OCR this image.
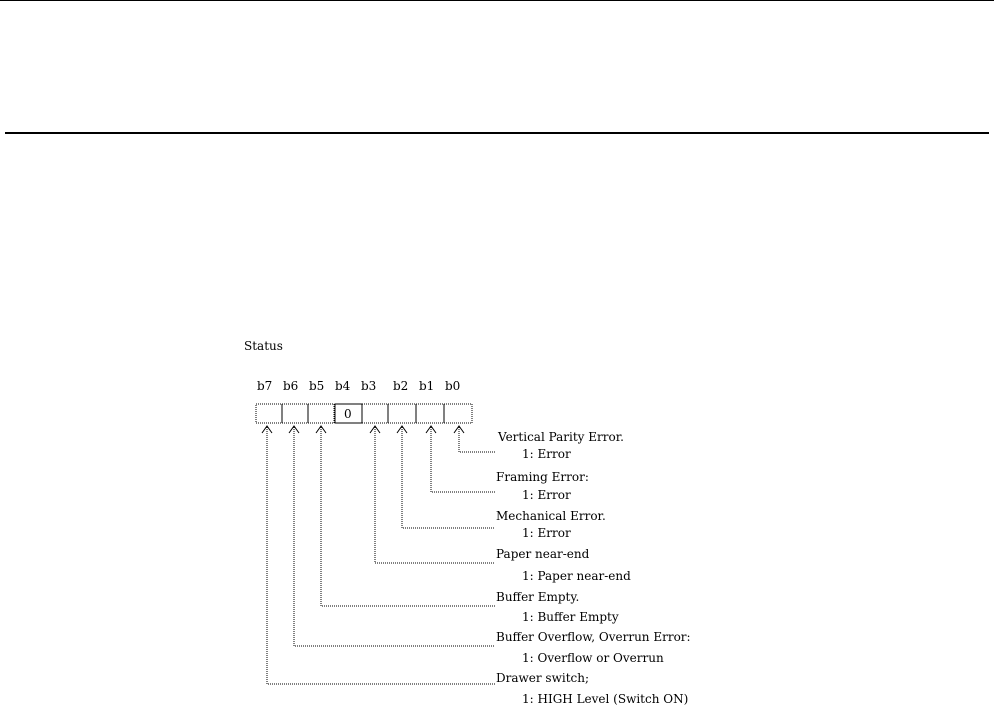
Status
b7 b6 b5 b4 b3 b2 b1 b0
0
Vertical Parity Error.
1: Error
Framing Error:
1: Error
Mechanical Error.
1: Error
Paper near-end
1: Paper near-end
Buffer Empty.
1: Buffer Empty
Buffer Overflow, Overrun Error:
1: Overflow or Overrun
Drawer switch;
1: HIGH Level (Switch ON)
